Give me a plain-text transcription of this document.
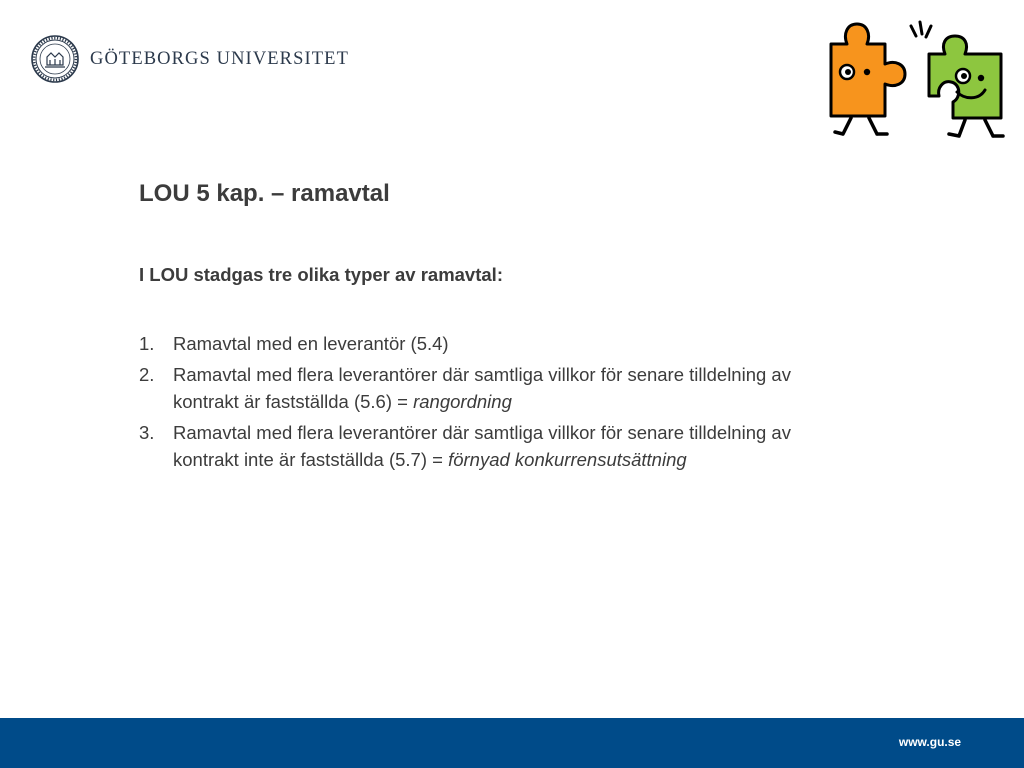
GÖTEBORGS UNIVERSITET
LOU 5 kap. – ramavtal

I LOU stadgas tre olika typer av ramavtal:

1. Ramavtal med en leverantör (5.4)
2. Ramavtal med flera leverantörer där samtliga villkor för senare tilldelning av kontrakt är fastställda (5.6) = rangordning
3. Ramavtal med flera leverantörer där samtliga villkor för senare tilldelning av kontrakt inte är fastställda (5.7) = förnyad konkurrensutsättning
www.gu.se
